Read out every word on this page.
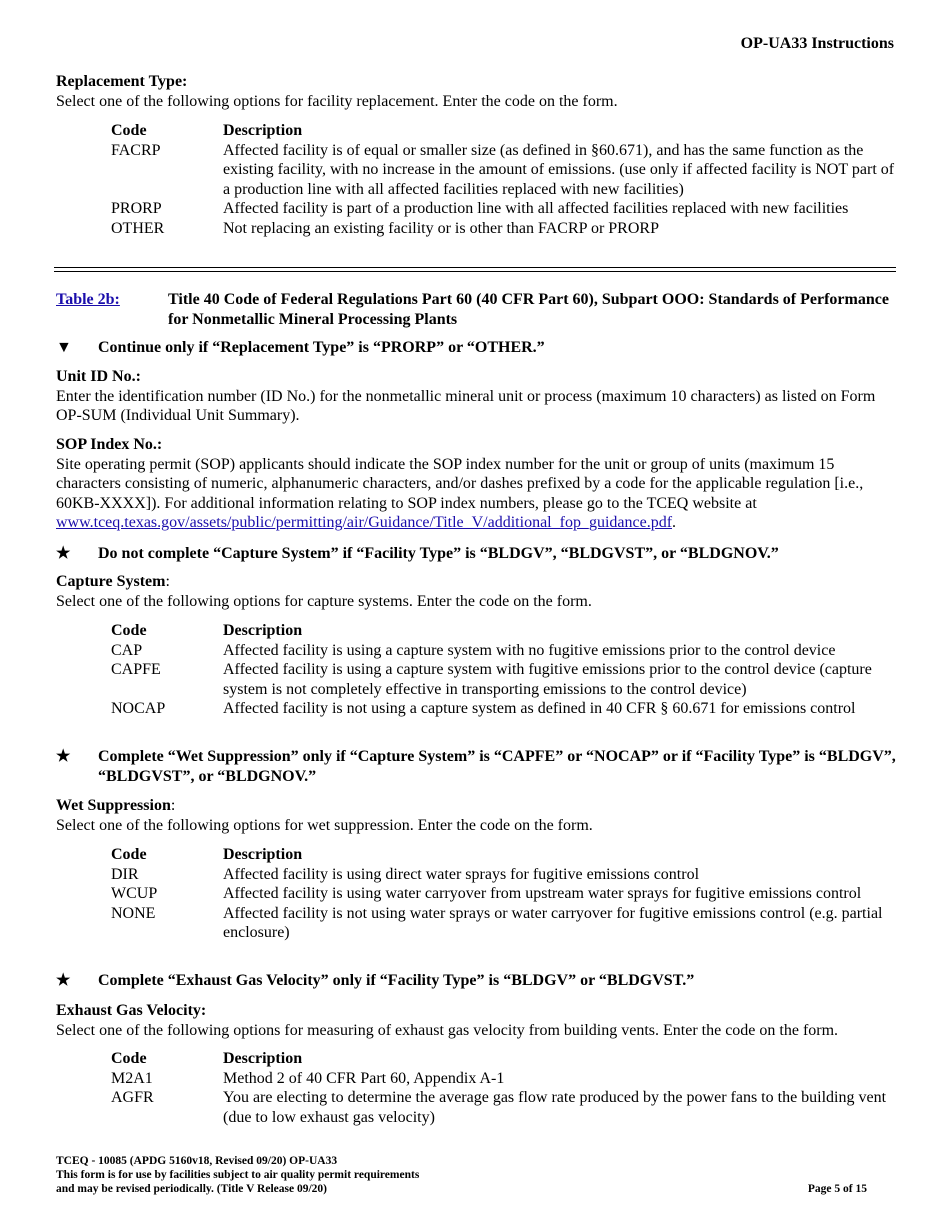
OP-UA33 Instructions
Replacement Type:
Select one of the following options for facility replacement. Enter the code on the form.
Code	Description
FACRP	Affected facility is of equal or smaller size (as defined in §60.671), and has the same function as the existing facility, with no increase in the amount of emissions. (use only if affected facility is NOT part of a production line with all affected facilities replaced with new facilities)
PRORP	Affected facility is part of a production line with all affected facilities replaced with new facilities
OTHER	Not replacing an existing facility or is other than FACRP or PRORP
Table 2b:	Title 40 Code of Federal Regulations Part 60 (40 CFR Part 60), Subpart OOO: Standards of Performance for Nonmetallic Mineral Processing Plants
▼	Continue only if “Replacement Type” is “PRORP” or “OTHER.”
Unit ID No.:
Enter the identification number (ID No.) for the nonmetallic mineral unit or process (maximum 10 characters) as listed on Form OP-SUM (Individual Unit Summary).
SOP Index No.:
Site operating permit (SOP) applicants should indicate the SOP index number for the unit or group of units (maximum 15 characters consisting of numeric, alphanumeric characters, and/or dashes prefixed by a code for the applicable regulation [i.e., 60KB-XXXX]). For additional information relating to SOP index numbers, please go to the TCEQ website at www.tceq.texas.gov/assets/public/permitting/air/Guidance/Title_V/additional_fop_guidance.pdf.
★	Do not complete “Capture System” if “Facility Type” is “BLDGV”, “BLDGVST”, or “BLDGNOV.”
Capture System:
Select one of the following options for capture systems. Enter the code on the form.
Code	Description
CAP	Affected facility is using a capture system with no fugitive emissions prior to the control device
CAPFE	Affected facility is using a capture system with fugitive emissions prior to the control device (capture system is not completely effective in transporting emissions to the control device)
NOCAP	Affected facility is not using a capture system as defined in 40 CFR § 60.671 for emissions control
★	Complete “Wet Suppression” only if “Capture System” is “CAPFE” or “NOCAP” or if “Facility Type” is “BLDGV”, “BLDGVST”, or “BLDGNOV.”
Wet Suppression:
Select one of the following options for wet suppression. Enter the code on the form.
Code	Description
DIR	Affected facility is using direct water sprays for fugitive emissions control
WCUP	Affected facility is using water carryover from upstream water sprays for fugitive emissions control
NONE	Affected facility is not using water sprays or water carryover for fugitive emissions control (e.g. partial enclosure)
★	Complete “Exhaust Gas Velocity” only if “Facility Type” is “BLDGV” or “BLDGVST.”
Exhaust Gas Velocity:
Select one of the following options for measuring of exhaust gas velocity from building vents. Enter the code on the form.
Code	Description
M2A1	Method 2 of 40 CFR Part 60, Appendix A-1
AGFR	You are electing to determine the average gas flow rate produced by the power fans to the building vent (due to low exhaust gas velocity)
TCEQ - 10085 (APDG 5160v18, Revised 09/20) OP-UA33
This form is for use by facilities subject to air quality permit requirements
and may be revised periodically. (Title V Release 09/20)	Page 5 of 15
